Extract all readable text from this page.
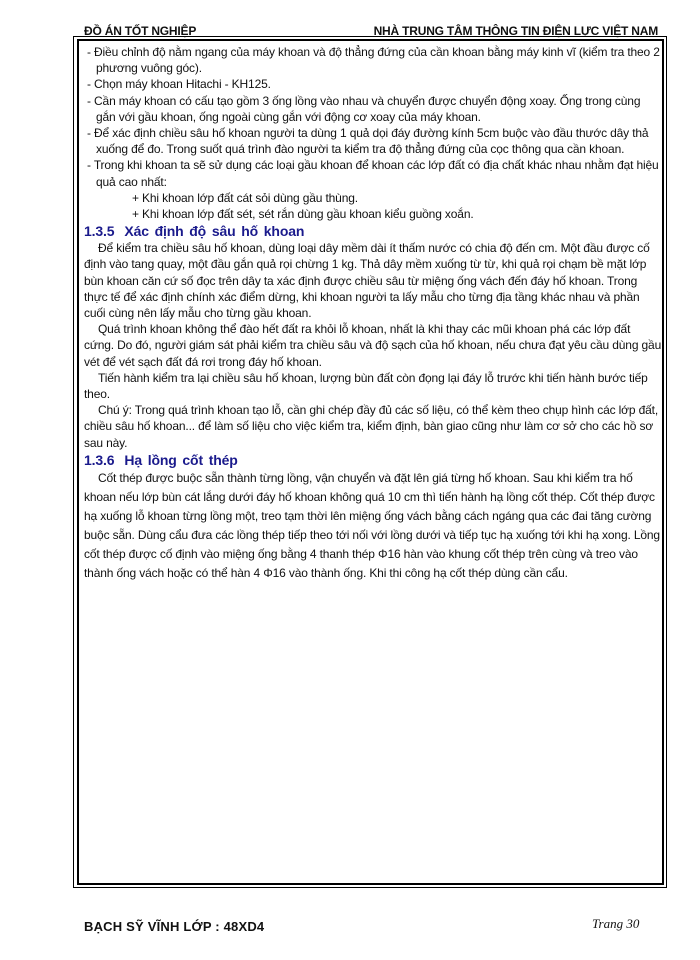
ĐỒ ÁN TỐT NGHIỆP	NHÀ TRUNG TÂM THÔNG TIN ĐIỆN LỰC VIỆT NAM

- Điều chỉnh độ nằm ngang của máy khoan và độ thẳng đứng của cần khoan bằng máy kinh vĩ (kiểm tra theo 2 phương vuông góc).

- Chọn máy khoan Hitachi - KH125.

- Cần máy khoan có cấu tạo gồm 3 ống lồng vào nhau và chuyển được chuyển động xoay. Ống trong cùng gắn với gầu khoan, ống ngoài cùng gắn với động cơ xoay của máy khoan.

- Để xác định chiều sâu hố khoan người ta dùng 1 quả dọi đáy đường kính 5cm buộc vào đầu thước dây thả xuống để đo. Trong suốt quá trình đào người ta kiểm tra độ thẳng đứng của cọc thông qua cần khoan.

- Trong khi khoan ta sẽ sử dụng các loại gầu khoan để khoan các lớp đất có địa chất khác nhau nhằm đạt hiệu quả cao nhất:

+ Khi khoan lớp đất cát sỏi dùng gầu thùng.

+ Khi khoan lớp đất sét, sét rắn dùng gầu khoan kiểu guồng xoắn.

1.3.5 Xác định độ sâu hố khoan

Để kiểm tra chiều sâu hố khoan, dùng loại dây mềm dài ít thấm nước có chia độ đến cm. Một đầu được cố định vào tang quay, một đầu gắn quả rọi chừng 1 kg. Thả dây mềm xuống từ từ, khi quả rọi chạm bề mặt lớp bùn khoan căn cứ số đọc trên dây ta xác định được chiều sâu từ miệng ống vách đến đáy hố khoan. Trong thực tế để xác định chính xác điểm dừng, khi khoan người ta lấy mẫu cho từng địa tầng khác nhau và phần cuối cùng nên lấy mẫu cho từng gầu khoan.

Quá trình khoan không thể đào hết đất ra khỏi lỗ khoan, nhất là khi thay các mũi khoan phá các lớp đất cứng. Do đó, người giám sát phải kiểm tra chiều sâu và độ sạch của hố khoan, nếu chưa đạt yêu cầu dùng gầu vét để vét sạch đất đá rơi trong đáy hố khoan.

Tiến hành kiểm tra lại chiều sâu hố khoan, lượng bùn đất còn đọng lại đáy lỗ trước khi tiến hành bước tiếp theo.

Chú ý: Trong quá trình khoan tạo lỗ, cần ghi chép đầy đủ các số liệu, có thể kèm theo chụp hình các lớp đất, chiều sâu hố khoan... để làm số liệu cho việc kiểm tra, kiểm định, bàn giao cũng như làm cơ sở cho các hồ sơ sau này.

1.3.6 Hạ lồng cốt thép

Cốt thép được buộc sẵn thành từng lồng, vận chuyển và đặt lên giá từng hố khoan. Sau khi kiểm tra hố khoan nếu lớp bùn cát lắng dưới đáy hố khoan không quá 10 cm thì tiến hành hạ lồng cốt thép. Cốt thép được hạ xuống lỗ khoan từng lồng một, treo tạm thời lên miệng ống vách bằng cách ngáng qua các đai tăng cường buộc sẵn. Dùng cẩu đưa các lồng thép tiếp theo tới nối với lồng dưới và tiếp tục hạ xuống tới khi hạ xong. Lồng cốt thép được cố định vào miệng ống bằng 4 thanh thép Φ16 hàn vào khung cốt thép trên cùng và treo vào thành ống vách hoặc có thể hàn 4 Φ16 vào thành ống. Khi thi công hạ cốt thép dùng cần cẩu.

BẠCH SỸ VĨNH LỚP : 48XD4	Trang 30
